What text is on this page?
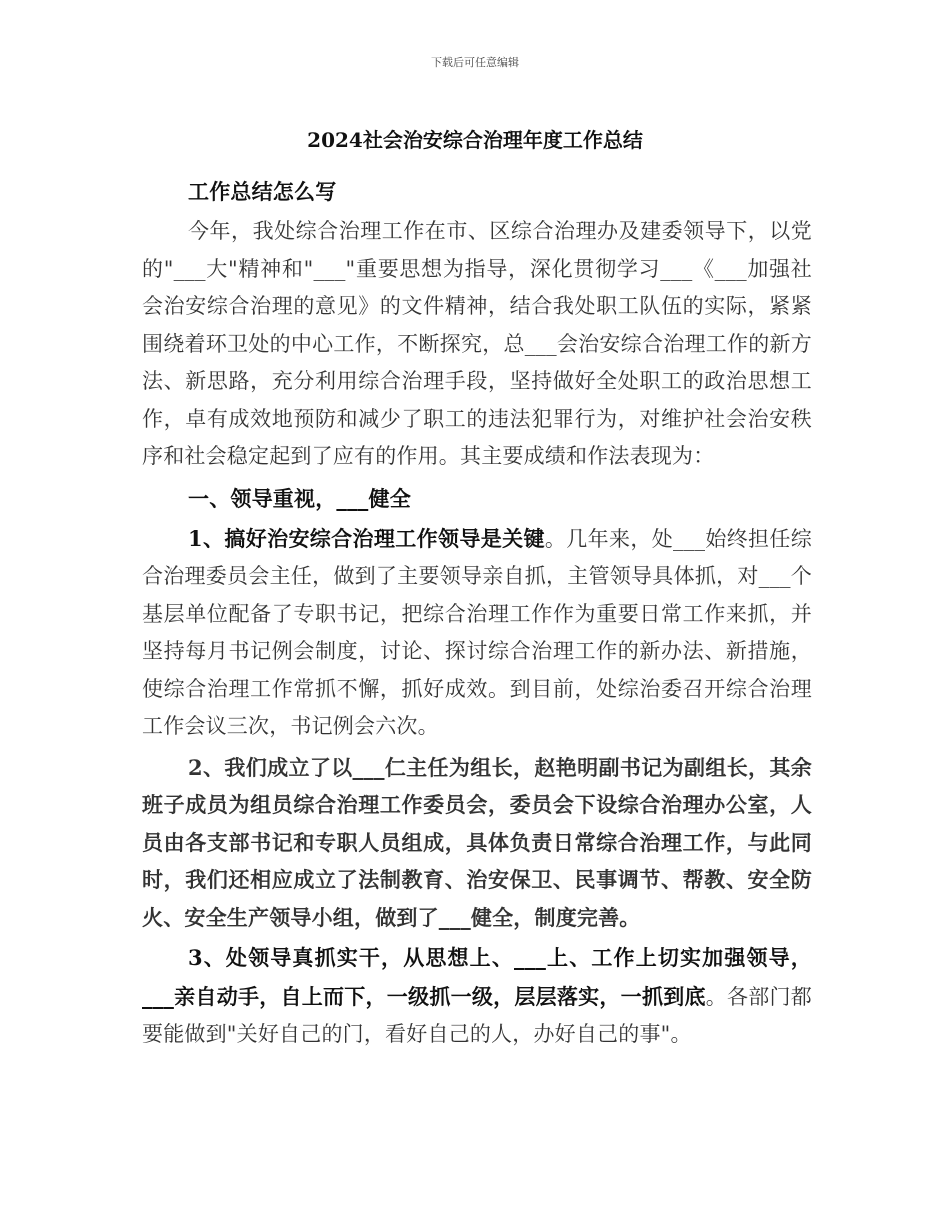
下载后可任意编辑
2024社会治安综合治理年度工作总结

工作总结怎么写

今年，我处综合治理工作在市、区综合治理办及建委领导下，以党的"___大"精神和"___"重要思想为指导，深化贯彻学习___《___加强社会治安综合治理的意见》的文件精神，结合我处职工队伍的实际，紧紧围绕着环卫处的中心工作，不断探究，总___会治安综合治理工作的新方法、新思路，充分利用综合治理手段，坚持做好全处职工的政治思想工作，卓有成效地预防和减少了职工的违法犯罪行为，对维护社会治安秩序和社会稳定起到了应有的作用。其主要成绩和作法表现为：

一、领导重视，___健全

1、搞好治安综合治理工作领导是关键。几年来，处___始终担任综合治理委员会主任，做到了主要领导亲自抓，主管领导具体抓，对___个基层单位配备了专职书记，把综合治理工作作为重要日常工作来抓，并坚持每月书记例会制度，讨论、探讨综合治理工作的新办法、新措施，使综合治理工作常抓不懈，抓好成效。到目前，处综治委召开综合治理工作会议三次，书记例会六次。

2、我们成立了以___仁主任为组长，赵艳明副书记为副组长，其余班子成员为组员综合治理工作委员会，委员会下设综合治理办公室，人员由各支部书记和专职人员组成，具体负责日常综合治理工作，与此同时，我们还相应成立了法制教育、治安保卫、民事调节、帮教、安全防火、安全生产领导小组，做到了___健全，制度完善。

3、处领导真抓实干，从思想上、___上、工作上切实加强领导，___亲自动手，自上而下，一级抓一级，层层落实，一抓到底。各部门都要能做到"关好自己的门，看好自己的人，办好自己的事"。
